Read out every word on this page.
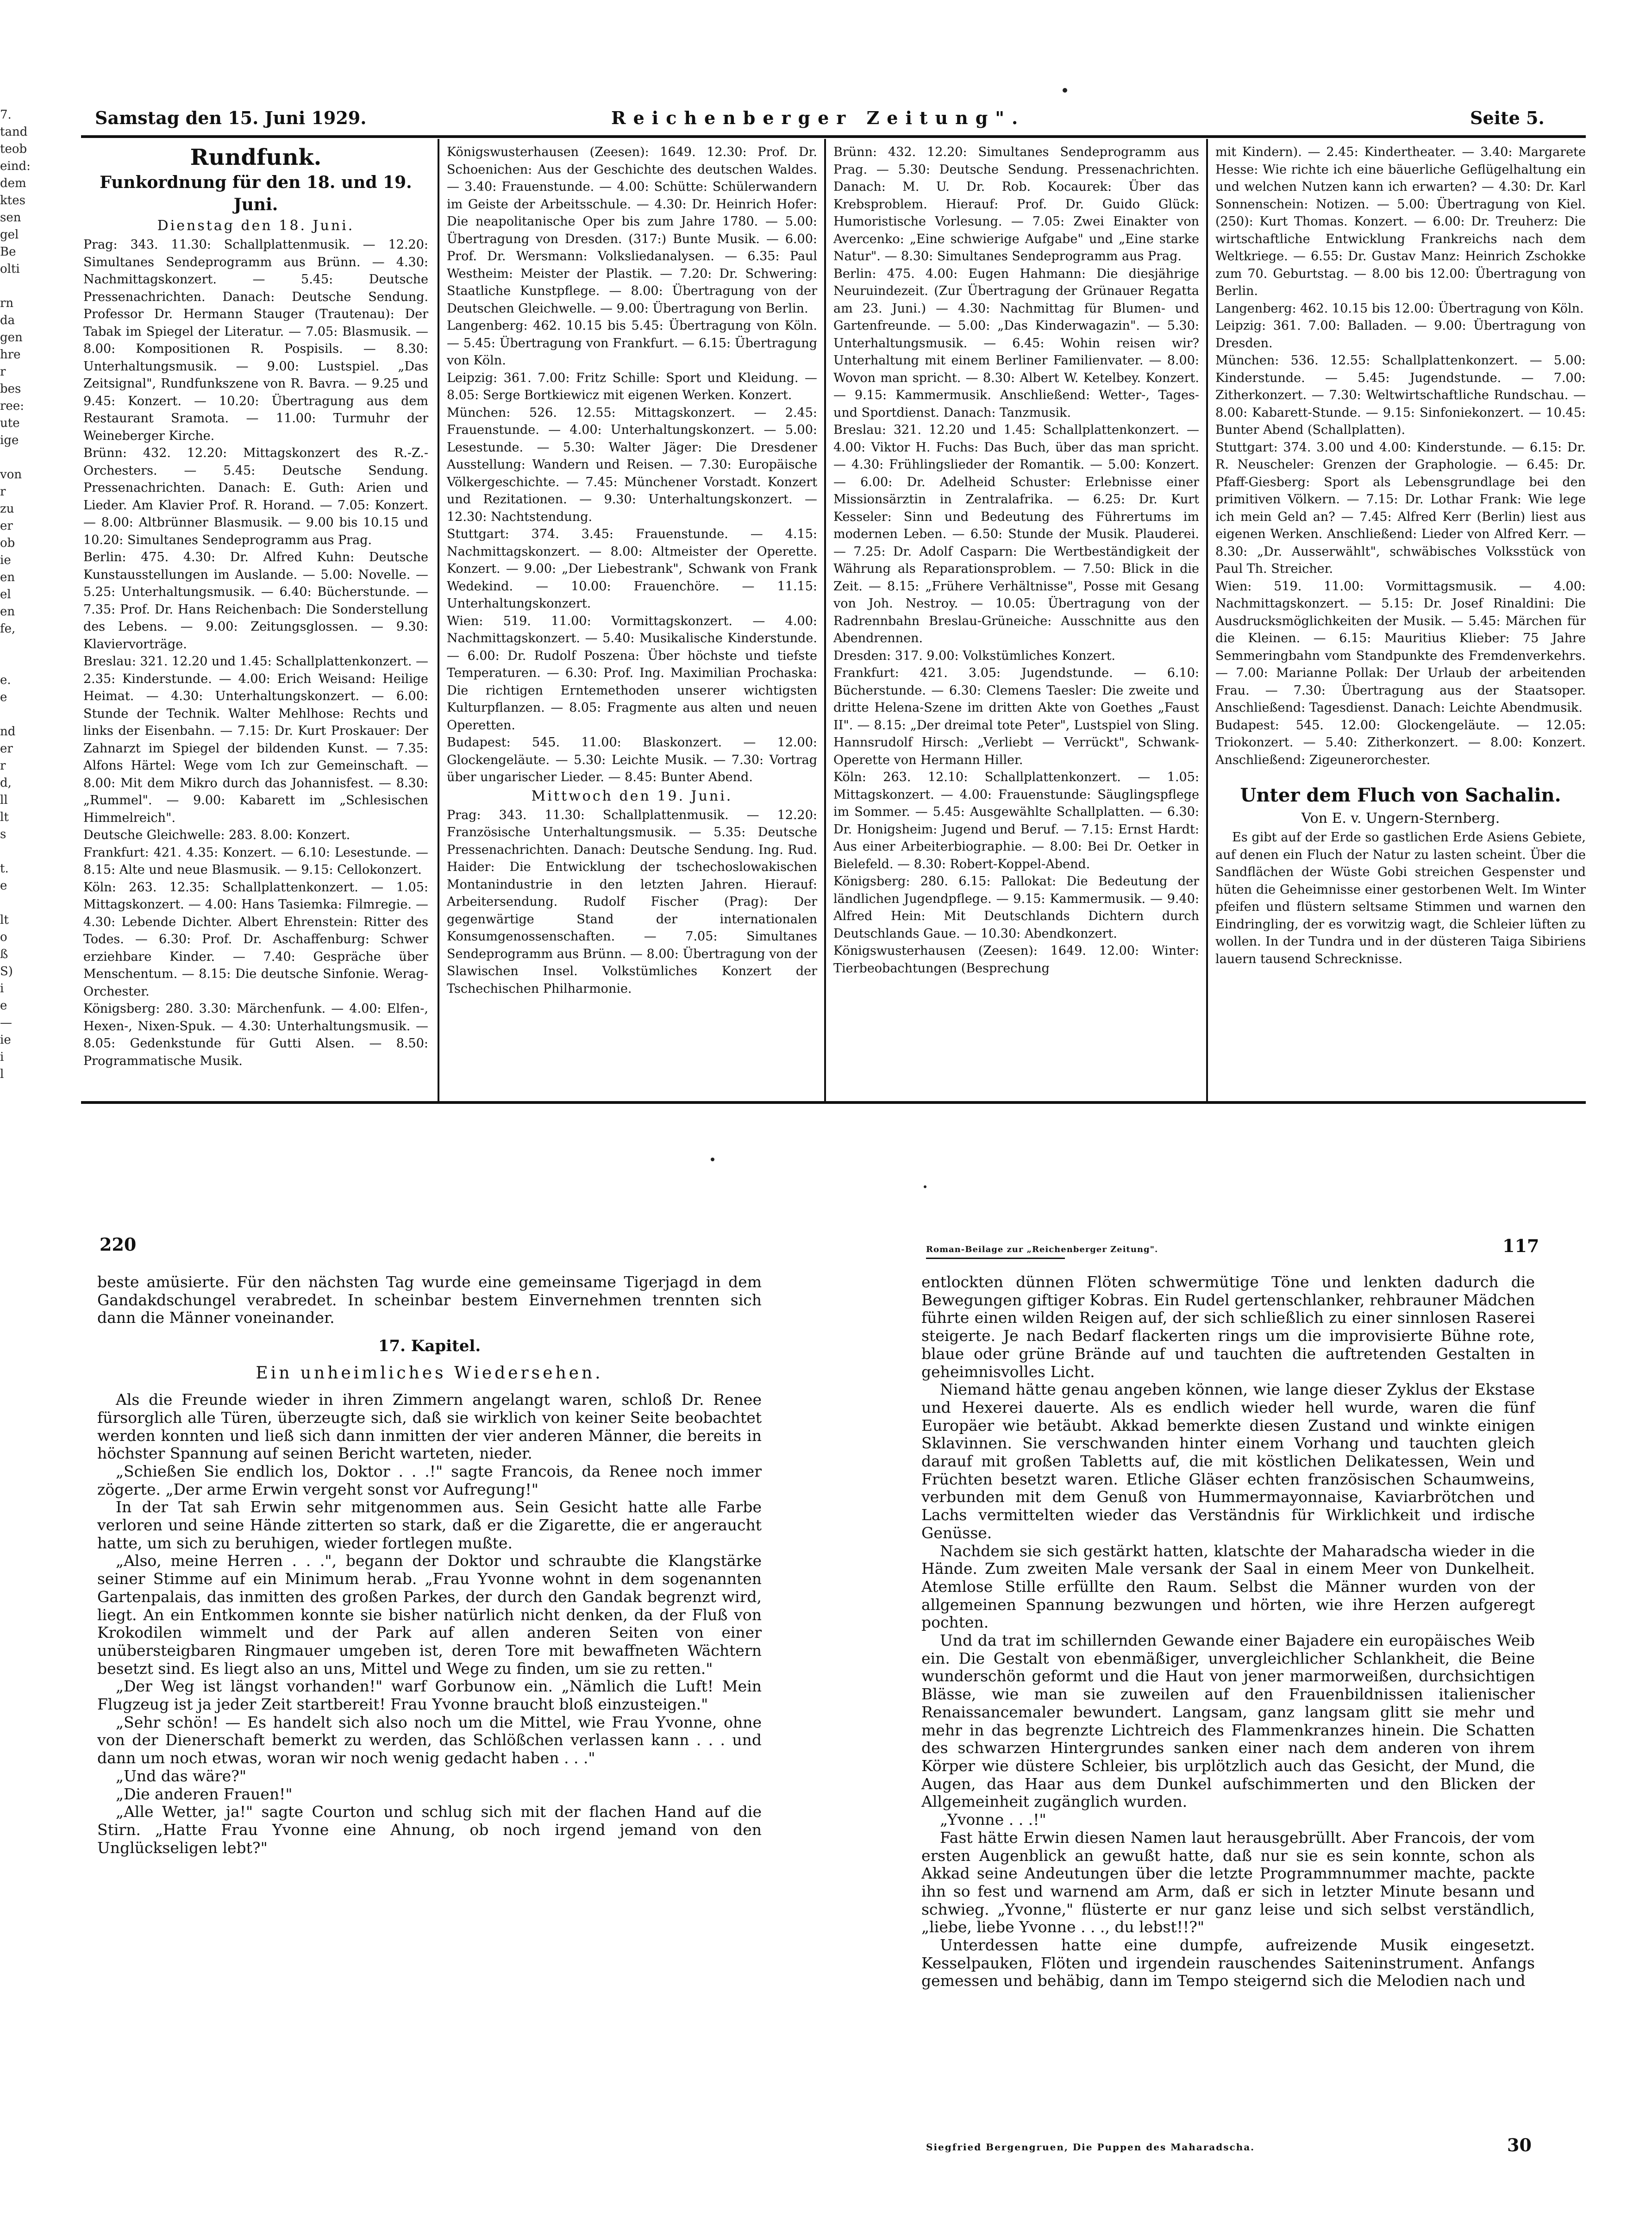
7.
tand
teob
eind:
dem
ktes
sen
gel
Be
olti

rn
da
gen
hre
r
bes
ree:
ute
ige

von
r
zu
er
ob
ie
en
el
en
fe,

e.
e

nd
er
r
d,
ll
lt
s

t.
e

lt
o
ß
S)
i
e
—
ie
i
l
Samstag den 15. Juni 1929.	Reichenberger Zeitung".	Seite 5.
Rundfunk.
Funkordnung für den 18. und 19. Juni.
Dienstag den 18. Juni.

Prag: 343. 11.30: Schallplattenmusik. — 12.20: Simultanes Sendeprogramm aus Brünn. — 4.30: Nachmittagskonzert. — 5.45: Deutsche Pressenachrichten. Danach: Deutsche Sendung. Professor Dr. Hermann Stauger (Trautenau): Der Tabak im Spiegel der Literatur. — 7.05: Blasmusik. — 8.00: Kompositionen R. Pospisils. — 8.30: Unterhaltungsmusik. — 9.00: Lustspiel. „Das Zeitsignal", Rundfunkszene von R. Bavra. — 9.25 und 9.45: Konzert. — 10.20: Übertragung aus dem Restaurant Sramota. — 11.00: Turmuhr der Weineberger Kirche.

Brünn: 432. 12.20: Mittagskonzert des R.-Z.-Orchesters. — 5.45: Deutsche Sendung. Pressenachrichten. Danach: E. Guth: Arien und Lieder. Am Klavier Prof. R. Horand. — 7.05: Konzert. — 8.00: Altbrünner Blasmusik. — 9.00 bis 10.15 und 10.20: Simultanes Sendeprogramm aus Prag.

Berlin: 475. 4.30: Dr. Alfred Kuhn: Deutsche Kunstausstellungen im Auslande. — 5.00: Novelle. — 5.25: Unterhaltungsmusik. — 6.40: Bücherstunde. — 7.35: Prof. Dr. Hans Reichenbach: Die Sonderstellung des Lebens. — 9.00: Zeitungsglossen. — 9.30: Klaviervorträge.

Breslau: 321. 12.20 und 1.45: Schallplattenkonzert. — 2.35: Kinderstunde. — 4.00: Erich Weisand: Heilige Heimat. — 4.30: Unterhaltungskonzert. — 6.00: Stunde der Technik. Walter Mehlhose: Rechts und links der Eisenbahn. — 7.15: Dr. Kurt Proskauer: Der Zahnarzt im Spiegel der bildenden Kunst. — 7.35: Alfons Härtel: Wege vom Ich zur Gemeinschaft. — 8.00: Mit dem Mikro durch das Johannisfest. — 8.30: „Rummel". — 9.00: Kabarett im „Schlesischen Himmelreich".

Deutsche Gleichwelle: 283. 8.00: Konzert.

Frankfurt: 421. 4.35: Konzert. — 6.10: Lesestunde. — 8.15: Alte und neue Blasmusik. — 9.15: Cellokonzert.

Köln: 263. 12.35: Schallplattenkonzert. — 1.05: Mittagskonzert. — 4.00: Hans Tasiemka: Filmregie. — 4.30: Lebende Dichter. Albert Ehrenstein: Ritter des Todes. — 6.30: Prof. Dr. Aschaffenburg: Schwer erziehbare Kinder. — 7.40: Gespräche über Menschentum. — 8.15: Die deutsche Sinfonie. Werag-Orchester.

Königsberg: 280. 3.30: Märchenfunk. — 4.00: Elfen-, Hexen-, Nixen-Spuk. — 4.30: Unterhaltungsmusik. — 8.05: Gedenkstunde für Gutti Alsen. — 8.50: Programmatische Musik.

Königswusterhausen (Zeesen): 1649. 12.30: Prof. Dr. Schoenichen: Aus der Geschichte des deutschen Waldes. — 3.40: Frauenstunde. — 4.00: Schütte: Schülerwandern im Geiste der Arbeitsschule. — 4.30: Dr. Heinrich Hofer: Die neapolitanische Oper bis zum Jahre 1780. — 5.00: Übertragung von Dresden. (317:) Bunte Musik. — 6.00: Prof. Dr. Wersmann: Volksliedanalysen. — 6.35: Paul Westheim: Meister der Plastik. — 7.20: Dr. Schwering: Staatliche Kunstpflege. — 8.00: Übertragung von der Deutschen Gleichwelle. — 9.00: Übertragung von Berlin.

Langenberg: 462. 10.15 bis 5.45: Übertragung von Köln. — 5.45: Übertragung von Frankfurt. — 6.15: Übertragung von Köln.

Leipzig: 361. 7.00: Fritz Schille: Sport und Kleidung. — 8.05: Serge Bortkiewicz mit eigenen Werken. Konzert.

München: 526. 12.55: Mittagskonzert. — 2.45: Frauenstunde. — 4.00: Unterhaltungskonzert. — 5.00: Lesestunde. — 5.30: Walter Jäger: Die Dresdener Ausstellung: Wandern und Reisen. — 7.30: Europäische Völkergeschichte. — 7.45: Münchener Vorstadt. Konzert und Rezitationen. — 9.30: Unterhaltungskonzert. — 12.30: Nachtstendung.

Stuttgart: 374. 3.45: Frauenstunde. — 4.15: Nachmittagskonzert. — 8.00: Altmeister der Operette. Konzert. — 9.00: „Der Liebestrank", Schwank von Frank Wedekind. — 10.00: Frauenchöre. — 11.15: Unterhaltungskonzert.

Wien: 519. 11.00: Vormittagskonzert. — 4.00: Nachmittagskonzert. — 5.40: Musikalische Kinderstunde. — 6.00: Dr. Rudolf Poszena: Über höchste und tiefste Temperaturen. — 6.30: Prof. Ing. Maximilian Prochaska: Die richtigen Erntemethoden unserer wichtigsten Kulturpflanzen. — 8.05: Fragmente aus alten und neuen Operetten.

Budapest: 545. 11.00: Blaskonzert. — 12.00: Glockengeläute. — 5.30: Leichte Musik. — 7.30: Vortrag über ungarischer Lieder. — 8.45: Bunter Abend.

Mittwoch den 19. Juni.

Prag: 343. 11.30: Schallplattenmusik. — 12.20: Französische Unterhaltungsmusik. — 5.35: Deutsche Pressenachrichten. Danach: Deutsche Sendung. Ing. Rud. Haider: Die Entwicklung der tschechoslowakischen Montanindustrie in den letzten Jahren. Hierauf: Arbeitersendung. Rudolf Fischer (Prag): Der gegenwärtige Stand der internationalen Konsumgenossenschaften. — 7.05: Simultanes Sendeprogramm aus Brünn. — 8.00: Übertragung von der Slawischen Insel. Volkstümliches Konzert der Tschechischen Philharmonie.

Brünn: 432. 12.20: Simultanes Sendeprogramm aus Prag. — 5.30: Deutsche Sendung. Pressenachrichten. Danach: M. U. Dr. Rob. Kocaurek: Über das Krebsproblem. Hierauf: Prof. Dr. Guido Glück: Humoristische Vorlesung. — 7.05: Zwei Einakter von Avercenko: „Eine schwierige Aufgabe" und „Eine starke Natur". — 8.30: Simultanes Sendeprogramm aus Prag.

Berlin: 475. 4.00: Eugen Hahmann: Die diesjährige Neuruindezeit. (Zur Übertragung der Grünauer Regatta am 23. Juni.) — 4.30: Nachmittag für Blumen- und Gartenfreunde. — 5.00: „Das Kinderwagazin". — 5.30: Unterhaltungsmusik. — 6.45: Wohin reisen wir? Unterhaltung mit einem Berliner Familienvater. — 8.00: Wovon man spricht. — 8.30: Albert W. Ketelbey. Konzert. — 9.15: Kammermusik. Anschließend: Wetter-, Tages- und Sportdienst. Danach: Tanzmusik.

Breslau: 321. 12.20 und 1.45: Schallplattenkonzert. — 4.00: Viktor H. Fuchs: Das Buch, über das man spricht. — 4.30: Frühlingslieder der Romantik. — 5.00: Konzert. — 6.00: Dr. Adelheid Schuster: Erlebnisse einer Missionsärztin in Zentralafrika. — 6.25: Dr. Kurt Kesseler: Sinn und Bedeutung des Führertums im modernen Leben. — 6.50: Stunde der Musik. Plauderei. — 7.25: Dr. Adolf Casparn: Die Wertbeständigkeit der Währung als Reparationsproblem. — 7.50: Blick in die Zeit. — 8.15: „Frühere Verhältnisse", Posse mit Gesang von Joh. Nestroy. — 10.05: Übertragung von der Radrennbahn Breslau-Grüneiche: Ausschnitte aus den Abendrennen.

Dresden: 317. 9.00: Volkstümliches Konzert.

Frankfurt: 421. 3.05: Jugendstunde. — 6.10: Bücherstunde. — 6.30: Clemens Taesler: Die zweite und dritte Helena-Szene im dritten Akte von Goethes „Faust II". — 8.15: „Der dreimal tote Peter", Lustspiel von Sling. Hannsrudolf Hirsch: „Verliebt — Verrückt", Schwank-Operette von Hermann Hiller.

Köln: 263. 12.10: Schallplattenkonzert. — 1.05: Mittagskonzert. — 4.00: Frauenstunde: Säuglingspflege im Sommer. — 5.45: Ausgewählte Schallplatten. — 6.30: Dr. Honigsheim: Jugend und Beruf. — 7.15: Ernst Hardt: Aus einer Arbeiterbiographie. — 8.00: Bei Dr. Oetker in Bielefeld. — 8.30: Robert-Koppel-Abend.

Königsberg: 280. 6.15: Pallokat: Die Bedeutung der ländlichen Jugendpflege. — 9.15: Kammermusik. — 9.40: Alfred Hein: Mit Deutschlands Dichtern durch Deutschlands Gaue. — 10.30: Abendkonzert.

Königswusterhausen (Zeesen): 1649. 12.00: Winter: Tierbeobachtungen (Besprechung

mit Kindern). — 2.45: Kindertheater. — 3.40: Margarete Hesse: Wie richte ich eine bäuerliche Geflügelhaltung ein und welchen Nutzen kann ich erwarten? — 4.30: Dr. Karl Sonnenschein: Notizen. — 5.00: Übertragung von Kiel. (250): Kurt Thomas. Konzert. — 6.00: Dr. Treuherz: Die wirtschaftliche Entwicklung Frankreichs nach dem Weltkriege. — 6.55: Dr. Gustav Manz: Heinrich Zschokke zum 70. Geburtstag. — 8.00 bis 12.00: Übertragung von Berlin.

Langenberg: 462. 10.15 bis 12.00: Übertragung von Köln.

Leipzig: 361. 7.00: Balladen. — 9.00: Übertragung von Dresden.

München: 536. 12.55: Schallplattenkonzert. — 5.00: Kinderstunde. — 5.45: Jugendstunde. — 7.00: Zitherkonzert. — 7.30: Weltwirtschaftliche Rundschau. — 8.00: Kabarett-Stunde. — 9.15: Sinfoniekonzert. — 10.45: Bunter Abend (Schallplatten).

Stuttgart: 374. 3.00 und 4.00: Kinderstunde. — 6.15: Dr. R. Neuscheler: Grenzen der Graphologie. — 6.45: Dr. Pfaff-Giesberg: Sport als Lebensgrundlage bei den primitiven Völkern. — 7.15: Dr. Lothar Frank: Wie lege ich mein Geld an? — 7.45: Alfred Kerr (Berlin) liest aus eigenen Werken. Anschließend: Lieder von Alfred Kerr. — 8.30: „Dr. Ausserwählt", schwäbisches Volksstück von Paul Th. Streicher.

Wien: 519. 11.00: Vormittagsmusik. — 4.00: Nachmittagskonzert. — 5.15: Dr. Josef Rinaldini: Die Ausdrucksmöglichkeiten der Musik. — 5.45: Märchen für die Kleinen. — 6.15: Mauritius Klieber: 75 Jahre Semmeringbahn vom Standpunkte des Fremdenverkehrs. — 7.00: Marianne Pollak: Der Urlaub der arbeitenden Frau. — 7.30: Übertragung aus der Staatsoper. Anschließend: Tagesdienst. Danach: Leichte Abendmusik.

Budapest: 545. 12.00: Glockengeläute. — 12.05: Triokonzert. — 5.40: Zitherkonzert. — 8.00: Konzert. Anschließend: Zigeunerorchester.

Unter dem Fluch von Sachalin.
Von E. v. Ungern-Sternberg.

Es gibt auf der Erde so gastlichen Erde Asiens Gebiete, auf denen ein Fluch der Natur zu lasten scheint. Über die Sandflächen der Wüste Gobi streichen Gespenster und hüten die Geheimnisse einer gestorbenen Welt. Im Winter pfeifen und flüstern seltsame Stimmen und warnen den Eindringling, der es vorwitzig wagt, die Schleier lüften zu wollen. In der Tundra und in der düsteren Taiga Sibiriens lauern tausend Schrecknisse.

220

beste amüsierte. Für den nächsten Tag wurde eine gemeinsame Tigerjagd in dem Gandakdschungel verabredet. In scheinbar bestem Einvernehmen trennten sich dann die Männer voneinander.

17. Kapitel.
Ein unheimliches Wiedersehen.

Als die Freunde wieder in ihren Zimmern angelangt waren, schloß Dr. Renee fürsorglich alle Türen, überzeugte sich, daß sie wirklich von keiner Seite beobachtet werden konnten und ließ sich dann inmitten der vier anderen Männer, die bereits in höchster Spannung auf seinen Bericht warteten, nieder.

„Schießen Sie endlich los, Doktor . . .!" sagte Francois, da Renee noch immer zögerte. „Der arme Erwin vergeht sonst vor Aufregung!"

In der Tat sah Erwin sehr mitgenommen aus. Sein Gesicht hatte alle Farbe verloren und seine Hände zitterten so stark, daß er die Zigarette, die er angeraucht hatte, um sich zu beruhigen, wieder fortlegen mußte.

„Also, meine Herren . . .", begann der Doktor und schraubte die Klangstärke seiner Stimme auf ein Minimum herab. „Frau Yvonne wohnt in dem sogenannten Gartenpalais, das inmitten des großen Parkes, der durch den Gandak begrenzt wird, liegt. An ein Entkommen konnte sie bisher natürlich nicht denken, da der Fluß von Krokodilen wimmelt und der Park auf allen anderen Seiten von einer unübersteigbaren Ringmauer umgeben ist, deren Tore mit bewaffneten Wächtern besetzt sind. Es liegt also an uns, Mittel und Wege zu finden, um sie zu retten."

„Der Weg ist längst vorhanden!" warf Gorbunow ein. „Nämlich die Luft! Mein Flugzeug ist ja jeder Zeit startbereit! Frau Yvonne braucht bloß einzusteigen."

„Sehr schön! — Es handelt sich also noch um die Mittel, wie Frau Yvonne, ohne von der Dienerschaft bemerkt zu werden, das Schlößchen verlassen kann . . . und dann um noch etwas, woran wir noch wenig gedacht haben . . ."

„Und das wäre?"

„Die anderen Frauen!"

„Alle Wetter, ja!" sagte Courton und schlug sich mit der flachen Hand auf die Stirn. „Hatte Frau Yvonne eine Ahnung, ob noch irgend jemand von den Unglückseligen lebt?"

Roman-Beilage zur „Reichenberger Zeitung".	117

entlockten dünnen Flöten schwermütige Töne und lenkten dadurch die Bewegungen giftiger Kobras. Ein Rudel gertenschlanker, rehbrauner Mädchen führte einen wilden Reigen auf, der sich schließlich zu einer sinnlosen Raserei steigerte. Je nach Bedarf flackerten rings um die improvisierte Bühne rote, blaue oder grüne Brände auf und tauchten die auftretenden Gestalten in geheimnisvolles Licht.

Niemand hätte genau angeben können, wie lange dieser Zyklus der Ekstase und Hexerei dauerte. Als es endlich wieder hell wurde, waren die fünf Europäer wie betäubt. Akkad bemerkte diesen Zustand und winkte einigen Sklavinnen. Sie verschwanden hinter einem Vorhang und tauchten gleich darauf mit großen Tabletts auf, die mit köstlichen Delikatessen, Wein und Früchten besetzt waren. Etliche Gläser echten französischen Schaumweins, verbunden mit dem Genuß von Hummermayonnaise, Kaviarbrötchen und Lachs vermittelten wieder das Verständnis für Wirklichkeit und irdische Genüsse.

Nachdem sie sich gestärkt hatten, klatschte der Maharadscha wieder in die Hände. Zum zweiten Male versank der Saal in einem Meer von Dunkelheit. Atemlose Stille erfüllte den Raum. Selbst die Männer wurden von der allgemeinen Spannung bezwungen und hörten, wie ihre Herzen aufgeregt pochten.

Und da trat im schillernden Gewande einer Bajadere ein europäisches Weib ein. Die Gestalt von ebenmäßiger, unvergleichlicher Schlankheit, die Beine wunderschön geformt und die Haut von jener marmorweißen, durchsichtigen Blässe, wie man sie zuweilen auf den Frauenbildnissen italienischer Renaissancemaler bewundert. Langsam, ganz langsam glitt sie mehr und mehr in das begrenzte Lichtreich des Flammenkranzes hinein. Die Schatten des schwarzen Hintergrundes sanken einer nach dem anderen von ihrem Körper wie düstere Schleier, bis urplötzlich auch das Gesicht, der Mund, die Augen, das Haar aus dem Dunkel aufschimmerten und den Blicken der Allgemeinheit zugänglich wurden.

„Yvonne . . .!"

Fast hätte Erwin diesen Namen laut herausgebrüllt. Aber Francois, der vom ersten Augenblick an gewußt hatte, daß nur sie es sein konnte, schon als Akkad seine Andeutungen über die letzte Programmnummer machte, packte ihn so fest und warnend am Arm, daß er sich in letzter Minute besann und schwieg. „Yvonne," flüsterte er nur ganz leise und sich selbst verständlich, „liebe, liebe Yvonne . . ., du lebst!!?"

Unterdessen hatte eine dumpfe, aufreizende Musik eingesetzt. Kesselpauken, Flöten und irgendein rauschendes Saiteninstrument. Anfangs gemessen und behäbig, dann im Tempo steigernd sich die Melodien nach und

Siegfried Bergengruen, Die Puppen des Maharadscha.	30
